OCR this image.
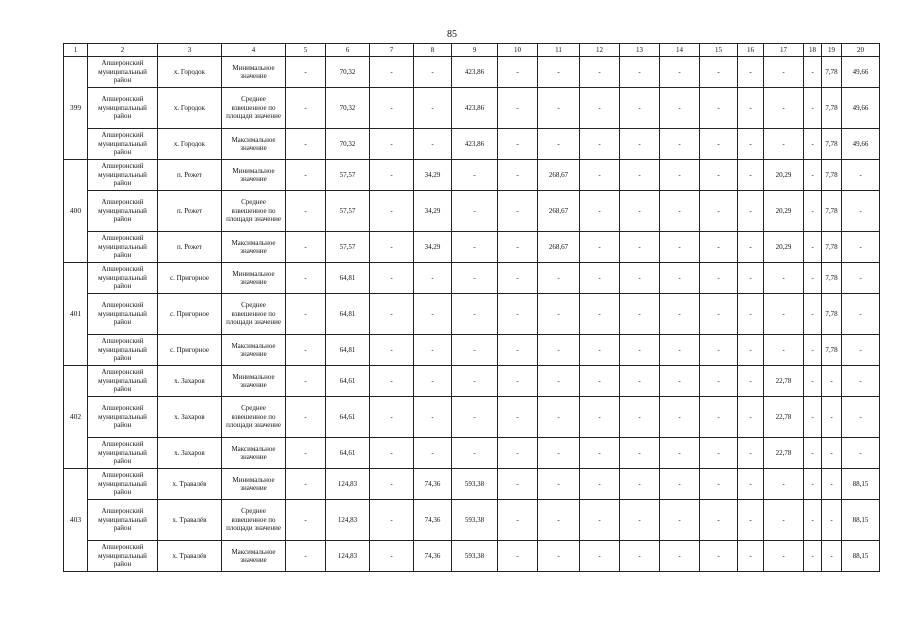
85
1	2	3	4	5	6	7	8	9	10	11	12	13	14	15	16	17	18	19	20
399	Апшеронский муниципальный район	х. Городок	Минимальное значение	-	70,32	-	-	423,86	-	-	-	-	-	-	-	-	-	7,78	49,66
	Апшеронский муниципальный район	х. Городок	Среднее взвешенное по площади значение	-	70,32	-	-	423,86	-	-	-	-	-	-	-	-	-	7,78	49,66
	Апшеронский муниципальный район	х. Городок	Максимальное значение	-	70,32	-	-	423,86	-	-	-	-	-	-	-	-	-	7,78	49,66
400	Апшеронский муниципальный район	п. Режет	Минимальное значение	-	57,57	-	34,29	-	-	268,67	-	-	-	-	-	20,29	-	7,78	-
	Апшеронский муниципальный район	п. Режет	Среднее взвешенное по площади значение	-	57,57	-	34,29	-	-	268,67	-	-	-	-	-	20,29	-	7,78	-
	Апшеронский муниципальный район	п. Режет	Максимальное значение	-	57,57	-	34,29	-	-	268,67	-	-	-	-	-	20,29	-	7,78	-
401	Апшеронский муниципальный район	с. Пригорное	Минимальное значение	-	64,81	-	-	-	-	-	-	-	-	-	-	-	-	7,78	-
	Апшеронский муниципальный район	с. Пригорное	Среднее взвешенное по площади значение	-	64,81	-	-	-	-	-	-	-	-	-	-	-	-	7,78	-
	Апшеронский муниципальный район	с. Пригорное	Максимальное значение	-	64,81	-	-	-	-	-	-	-	-	-	-	-	-	7,78	-
402	Апшеронский муниципальный район	х. Захаров	Минимальное значение	-	64,61	-	-	-	-	-	-	-	-	-	-	22,78	-	-	-
	Апшеронский муниципальный район	х. Захаров	Среднее взвешенное по площади значение	-	64,61	-	-	-	-	-	-	-	-	-	-	22,78	-	-	-
	Апшеронский муниципальный район	х. Захаров	Максимальное значение	-	64,61	-	-	-	-	-	-	-	-	-	-	22,78	-	-	-
403	Апшеронский муниципальный район	х. Травалёв	Минимальное значение	-	124,83	-	74,36	593,38	-	-	-	-	-	-	-	-	-	-	88,15
	Апшеронский муниципальный район	х. Травалёв	Среднее взвешенное по площади значение	-	124,83	-	74,36	593,38	-	-	-	-	-	-	-	-	-	-	88,15
	Апшеронский муниципальный район	х. Травалёв	Максимальное значение	-	124,83	-	74,36	593,38	-	-	-	-	-	-	-	-	-	-	88,15
